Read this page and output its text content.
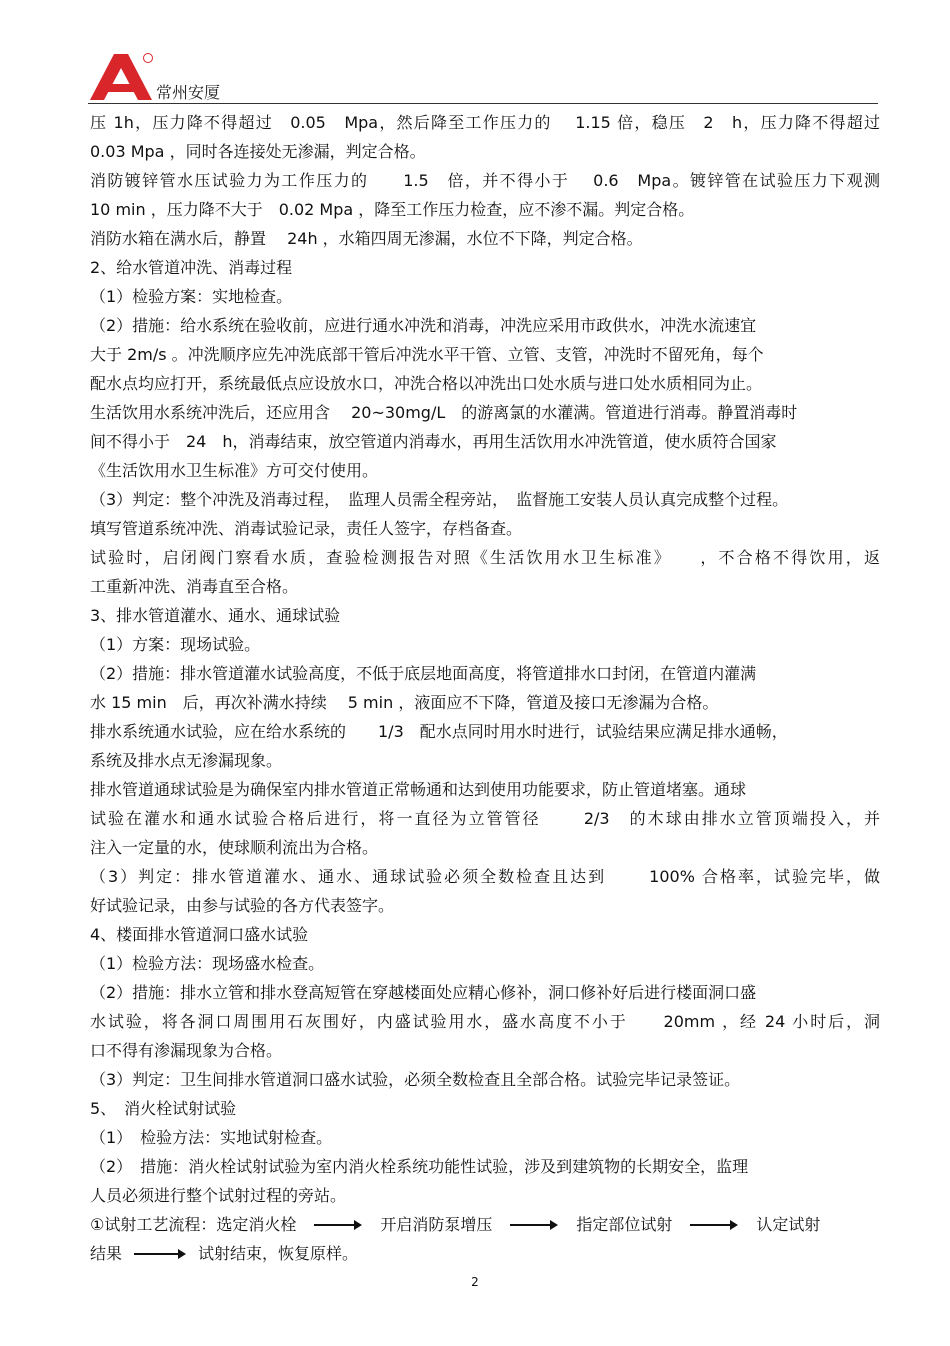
常州安厦
压 1h，压力降不得超过　0.05　Mpa，然后降至工作压力的　 1.15 倍，稳压　2　h，压力降不得超过
0.03 Mpa ，同时各连接处无渗漏，判定合格。
消防镀锌管水压试验力为工作压力的　　1.5　倍，并不得小于　 0.6　Mpa。镀锌管在试验压力下观测
10 min ，压力降不大于　0.02 Mpa ，降至工作压力检查，应不渗不漏。判定合格。
消防水箱在满水后，静置　 24h ，水箱四周无渗漏，水位不下降，判定合格。
2、给水管道冲洗、消毒过程
（1）检验方案：实地检查。
（2）措施：给水系统在验收前，应进行通水冲洗和消毒，冲洗应采用市政供水，冲洗水流速宜
大于 2m/s 。冲洗顺序应先冲洗底部干管后冲洗水平干管、立管、支管，冲洗时不留死角，每个
配水点均应打开，系统最低点应设放水口，冲洗合格以冲洗出口处水质与进口处水质相同为止。
生活饮用水系统冲洗后，还应用含　 20~30mg/L　的游离氯的水灌满。管道进行消毒。静置消毒时
间不得小于　24　h，消毒结束，放空管道内消毒水，再用生活饮用水冲洗管道，使水质符合国家
《生活饮用水卫生标准》方可交付使用。
（3）判定：整个冲洗及消毒过程，　监理人员需全程旁站，　监督施工安装人员认真完成整个过程。
填写管道系统冲洗、消毒试验记录，责任人签字，存档备查。
试验时，启闭阀门察看水质，查验检测报告对照《生活饮用水卫生标准》　　，不合格不得饮用，返
工重新冲洗、消毒直至合格。
3、排水管道灌水、通水、通球试验
（1）方案：现场试验。
（2）措施：排水管道灌水试验高度，不低于底层地面高度，将管道排水口封闭，在管道内灌满
水 15 min　后，再次补满水持续　 5 min ，液面应不下降，管道及接口无渗漏为合格。
排水系统通水试验，应在给水系统的　　1/3　配水点同时用水时进行，试验结果应满足排水通畅，
系统及排水点无渗漏现象。
排水管道通球试验是为确保室内排水管道正常畅通和达到使用功能要求，防止管道堵塞。通球
试验在灌水和通水试验合格后进行，将一直径为立管管径　　 2/3　的木球由排水立管顶端投入，并
注入一定量的水，使球顺利流出为合格。
（3）判定：排水管道灌水、通水、通球试验必须全数检查且达到　　 100% 合格率，试验完毕，做
好试验记录，由参与试验的各方代表签字。
4、楼面排水管道洞口盛水试验
（1）检验方法：现场盛水检查。
（2）措施：排水立管和排水登高短管在穿越楼面处应精心修补，洞口修补好后进行楼面洞口盛
水试验，将各洞口周围用石灰围好，内盛试验用水，盛水高度不小于　　20mm ，经 24 小时后，洞
口不得有渗漏现象为合格。
（3）判定：卫生间排水管道洞口盛水试验，必须全数检查且全部合格。试验完毕记录签证。
5、　消火栓试射试验
（1）　检验方法：实地试射检查。
（2）　措施：消火栓试射试验为室内消火栓系统功能性试验，涉及到建筑物的长期安全，监理
人员必须进行整个试射过程的旁站。
①试射工艺流程：选定消火栓	开启消防泵增压	指定部位试射	认定试射
结果	试射结束，恢复原样。
2
